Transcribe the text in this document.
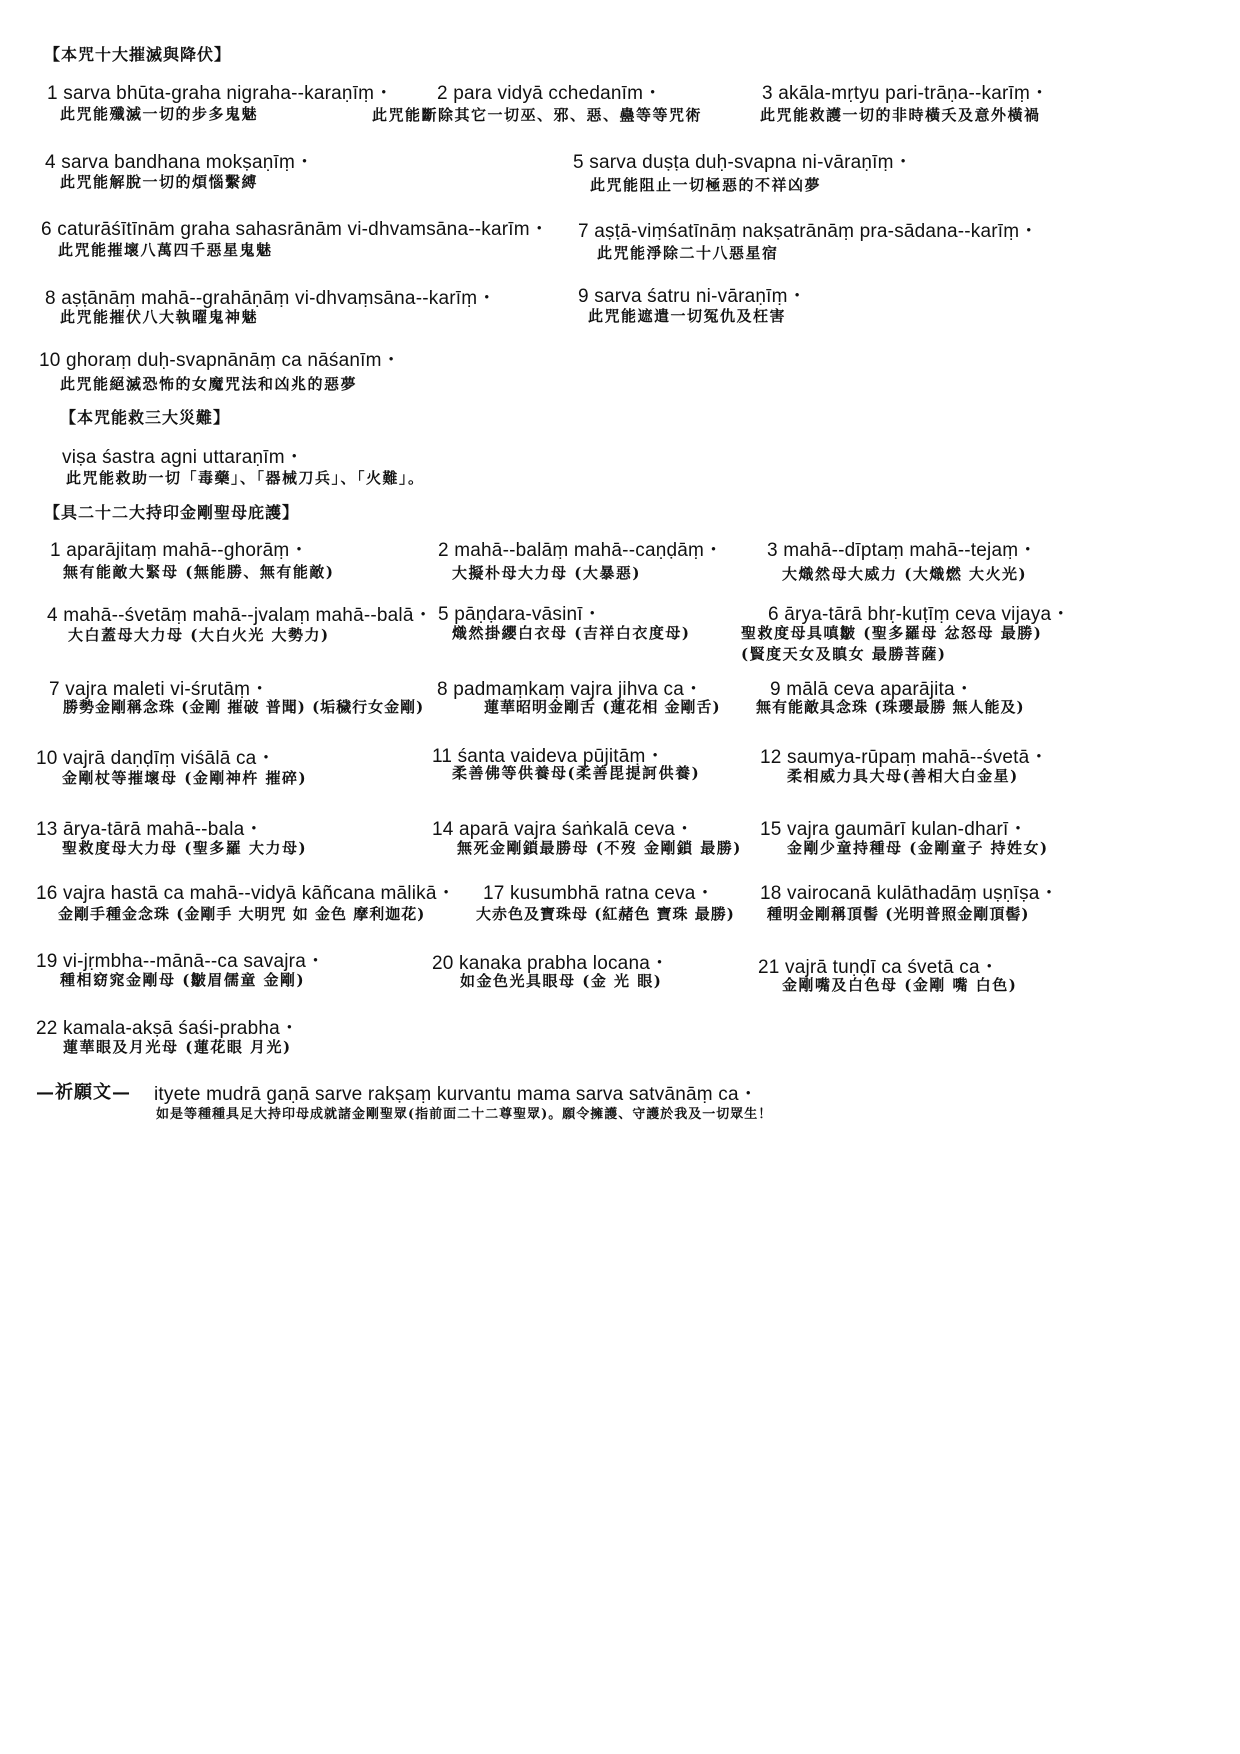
【本咒十大摧滅與降伏】
1 sarva bhūta-graha nigraha--karaṇīṃ・
此咒能殲滅一切的步多鬼魅
2 para vidyā cchedanīm・
此咒能斷除其它一切巫、邪、惡、蠱等等咒術
3 akāla-mṛtyu pari-trāṇa--karīṃ・
此咒能救護一切的非時橫夭及意外橫禍
4 sarva bandhana mokṣaṇīṃ・
此咒能解脫一切的煩惱繫縛
5 sarva duṣṭa duḥ-svapna ni-vāraṇīṃ・
此咒能阻止一切極惡的不祥凶夢
6 caturāśītīnām graha sahasrānām vi-dhvamsāna--karīm・
此咒能摧壞八萬四千惡星鬼魅
7 aṣṭā-viṃśatīnāṃ nakṣatrānāṃ pra-sādana--karīṃ・
此咒能淨除二十八惡星宿
8 aṣṭānāṃ mahā--grahāṇāṃ vi-dhvaṃsāna--karīṃ・
此咒能摧伏八大執曜鬼神魅
9 sarva śatru ni-vāraṇīṃ・
此咒能遮遣一切冤仇及枉害
10 ghoraṃ duḥ-svapnānāṃ ca nāśanīm・
此咒能絕滅恐怖的女魔咒法和凶兆的惡夢
【本咒能救三大災難】
viṣa śastra agni uttaraṇīm・
此咒能救助一切「毒藥」、「器械刀兵」、「火難」。
【具二十二大持印金剛聖母庇護】
1 aparājitaṃ mahā--ghorāṃ・
無有能敵大緊母 (無能勝、無有能敵)
2 mahā--balāṃ mahā--caṇḍāṃ・
大擬朴母大力母 (大暴惡)
3 mahā--dīptaṃ mahā--tejaṃ・
大熾然母大威力 (大熾燃 大火光)
4 mahā--śvetāṃ mahā--jvalaṃ mahā--balā・
大白蓋母大力母 (大白火光 大勢力)
5 pāṇḍara-vāsinī・
熾然掛纓白衣母 (吉祥白衣度母)
6 ārya-tārā bhṛ-kuṭīṃ ceva vijaya・
聖救度母具嗔皺 (聖多羅母 忿怒母 最勝)
(賢度天女及瞋女 最勝菩薩)
7 vajra maleti vi-śrutāṃ・
勝勢金剛稱念珠 (金剛 摧破 普聞) (垢穢行女金剛)
8 padmaṃkaṃ vajra jihva ca・
蓮華昭明金剛舌 (蓮花相 金剛舌)
9 mālā ceva aparājita・
無有能敵具念珠 (珠瓔最勝 無人能及)
10 vajrā daṇḍīṃ viśālā ca・
金剛杖等摧壞母 (金剛神杵 摧碎)
11 śanta vaideva pūjitāṃ・
柔善佛等供養母(柔善毘提訶供養)
12 saumya-rūpaṃ mahā--śvetā・
柔相威力具大母(善相大白金星)
13 ārya-tārā mahā--bala・
聖救度母大力母 (聖多羅 大力母)
14 aparā vajra śaṅkalā ceva・
無死金剛鎖最勝母 (不歿 金剛鎖 最勝)
15 vajra gaumārī kulan-dharī・
金剛少童持種母 (金剛童子 持姓女)
16 vajra hastā ca mahā--vidyā kāñcana mālikā・
金剛手種金念珠 (金剛手 大明咒 如 金色 摩利迦花)
17 kusumbhā ratna ceva・
大赤色及寶珠母 (紅赭色 寶珠 最勝)
18 vairocanā kulāthadāṃ uṣṇīṣa・
種明金剛稱頂髻 (光明普照金剛頂髻)
19 vi-jṛmbha--mānā--ca savajra・
種相窈窕金剛母 (皺眉儒童 金剛)
20 kanaka prabha locana・
如金色光具眼母 (金 光 眼)
21 vajrā tuṇḍī ca śvetā ca・
金剛嘴及白色母 (金剛 嘴 白色)
22 kamala-akṣā śaśi-prabha・
蓮華眼及月光母 (蓮花眼 月光)
—祈願文— ityete mudrā gaṇā sarve rakṣaṃ kurvantu mama sarva satvānāṃ ca・
如是等種種具足大持印母成就諸金剛聖眾(指前面二十二尊聖眾)。願令擁護、守護於我及一切眾生！
